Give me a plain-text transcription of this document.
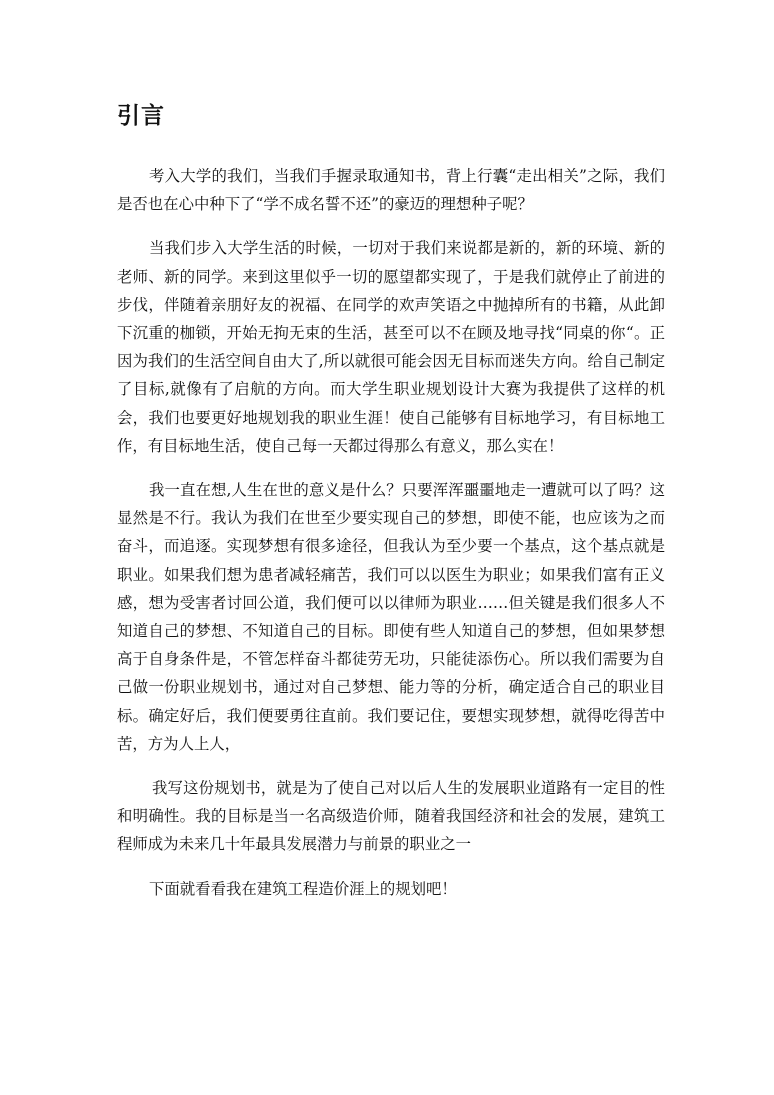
引言

考入大学的我们，当我们手握录取通知书，背上行囊“走出相关”之际，我们是否也在心中种下了“学不成名誓不还”的豪迈的理想种子呢？

当我们步入大学生活的时候，一切对于我们来说都是新的，新的环境、新的老师、新的同学。来到这里似乎一切的愿望都实现了，于是我们就停止了前进的步伐，伴随着亲朋好友的祝福、在同学的欢声笑语之中抛掉所有的书籍，从此卸下沉重的枷锁，开始无拘无束的生活，甚至可以不在顾及地寻找“同桌的你“。正因为我们的生活空间自由大了,所以就很可能会因无目标而迷失方向。给自己制定了目标,就像有了启航的方向。而大学生职业规划设计大赛为我提供了这样的机会，我们也要更好地规划我的职业生涯！使自己能够有目标地学习，有目标地工作，有目标地生活，使自己每一天都过得那么有意义，那么实在！

我一直在想,人生在世的意义是什么？只要浑浑噩噩地走一遭就可以了吗？这显然是不行。我认为我们在世至少要实现自己的梦想，即使不能，也应该为之而奋斗，而追逐。实现梦想有很多途径，但我认为至少要一个基点，这个基点就是职业。如果我们想为患者减轻痛苦，我们可以以医生为职业；如果我们富有正义感，想为受害者讨回公道，我们便可以以律师为职业……但关键是我们很多人不知道自己的梦想、不知道自己的目标。即使有些人知道自己的梦想，但如果梦想高于自身条件是，不管怎样奋斗都徒劳无功，只能徒添伤心。所以我们需要为自己做一份职业规划书，通过对自己梦想、能力等的分析，确定适合自己的职业目标。确定好后，我们便要勇往直前。我们要记住，要想实现梦想，就得吃得苦中苦，方为人上人，

我写这份规划书，就是为了使自己对以后人生的发展职业道路有一定目的性和明确性。我的目标是当一名高级造价师，随着我国经济和社会的发展，建筑工程师成为未来几十年最具发展潜力与前景的职业之一

下面就看看我在建筑工程造价涯上的规划吧！
